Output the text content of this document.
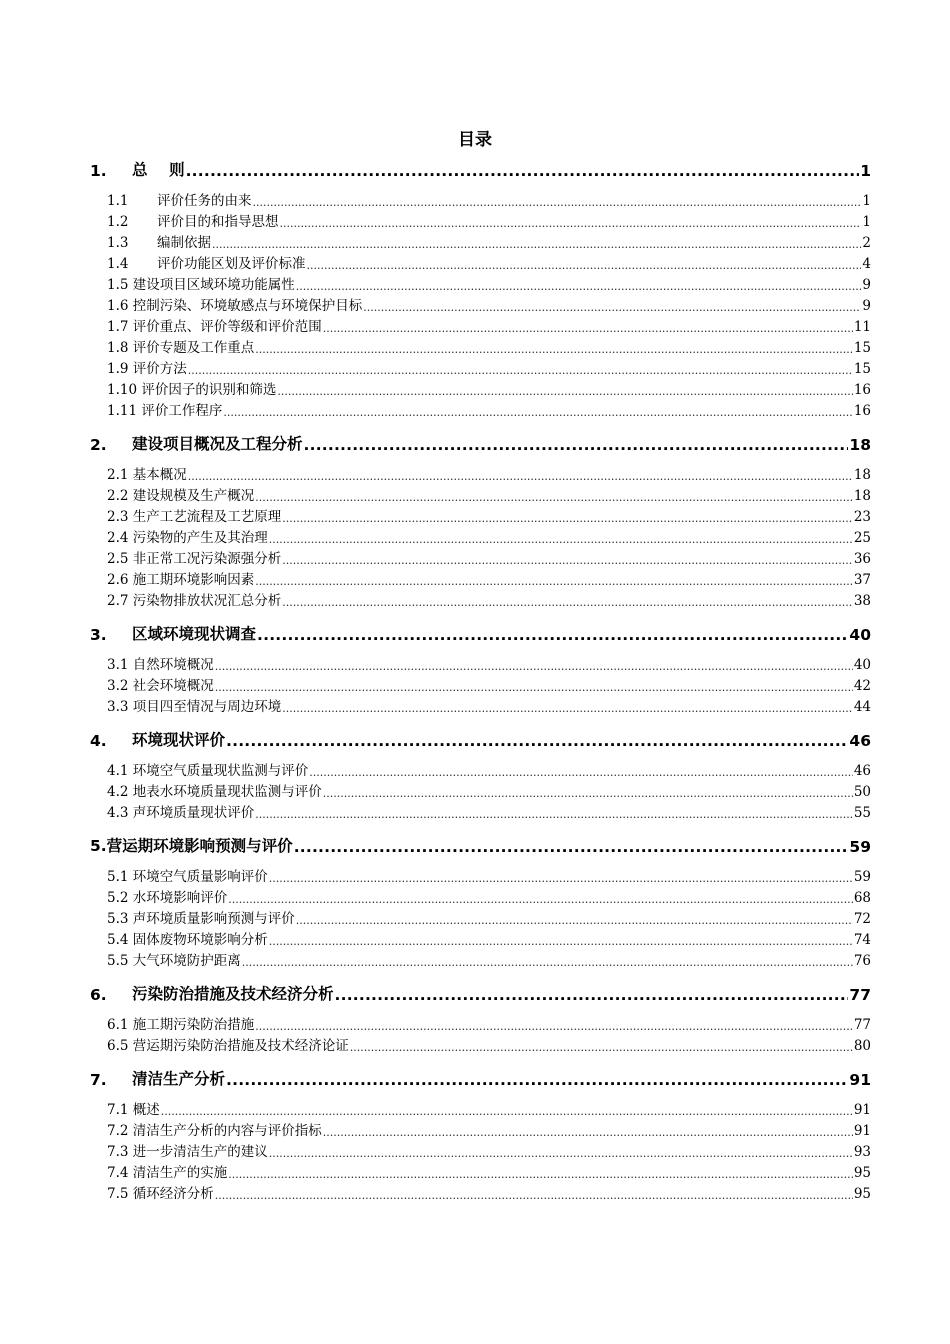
目录
1.	总    则 .....	1
1.1	评价任务的由来 .....	1
1.2	评价目的和指导思想 .....	1
1.3	编制依据 .....	2
1.4	评价功能区划及评价标准 .....	4
1.5 建设项目区域环境功能属性 .....	9
1.6 控制污染、环境敏感点与环境保护目标 .....	9
1.7 评价重点、评价等级和评价范围 .....	11
1.8 评价专题及工作重点 .....	15
1.9 评价方法 .....	15
1.10 评价因子的识别和筛选 .....	16
1.11 评价工作程序 .....	16
2.	建设项目概况及工程分析 .....	18
2.1 基本概况 .....	18
2.2 建设规模及生产概况 .....	18
2.3 生产工艺流程及工艺原理 .....	23
2.4 污染物的产生及其治理 .....	25
2.5 非正常工况污染源强分析 .....	36
2.6 施工期环境影响因素 .....	37
2.7 污染物排放状况汇总分析 .....	38
3.	区域环境现状调查 .....	40
3.1 自然环境概况 .....	40
3.2 社会环境概况 .....	42
3.3 项目四至情况与周边环境 .....	44
4.	环境现状评价 .....	46
4.1 环境空气质量现状监测与评价 .....	46
4.2 地表水环境质量现状监测与评价 .....	50
4.3 声环境质量现状评价 .....	55
5.营运期环境影响预测与评价 .....	59
5.1 环境空气质量影响评价 .....	59
5.2 水环境影响评价 .....	68
5.3 声环境质量影响预测与评价 .....	72
5.4 固体废物环境影响分析 .....	74
5.5 大气环境防护距离 .....	76
6.	污染防治措施及技术经济分析 .....	77
6.1 施工期污染防治措施 .....	77
6.5 营运期污染防治措施及技术经济论证 .....	80
7.	清洁生产分析 .....	91
7.1 概述 .....	91
7.2 清洁生产分析的内容与评价指标 .....	91
7.3 进一步清洁生产的建议 .....	93
7.4 清洁生产的实施 .....	95
7.5 循环经济分析 .....	95
